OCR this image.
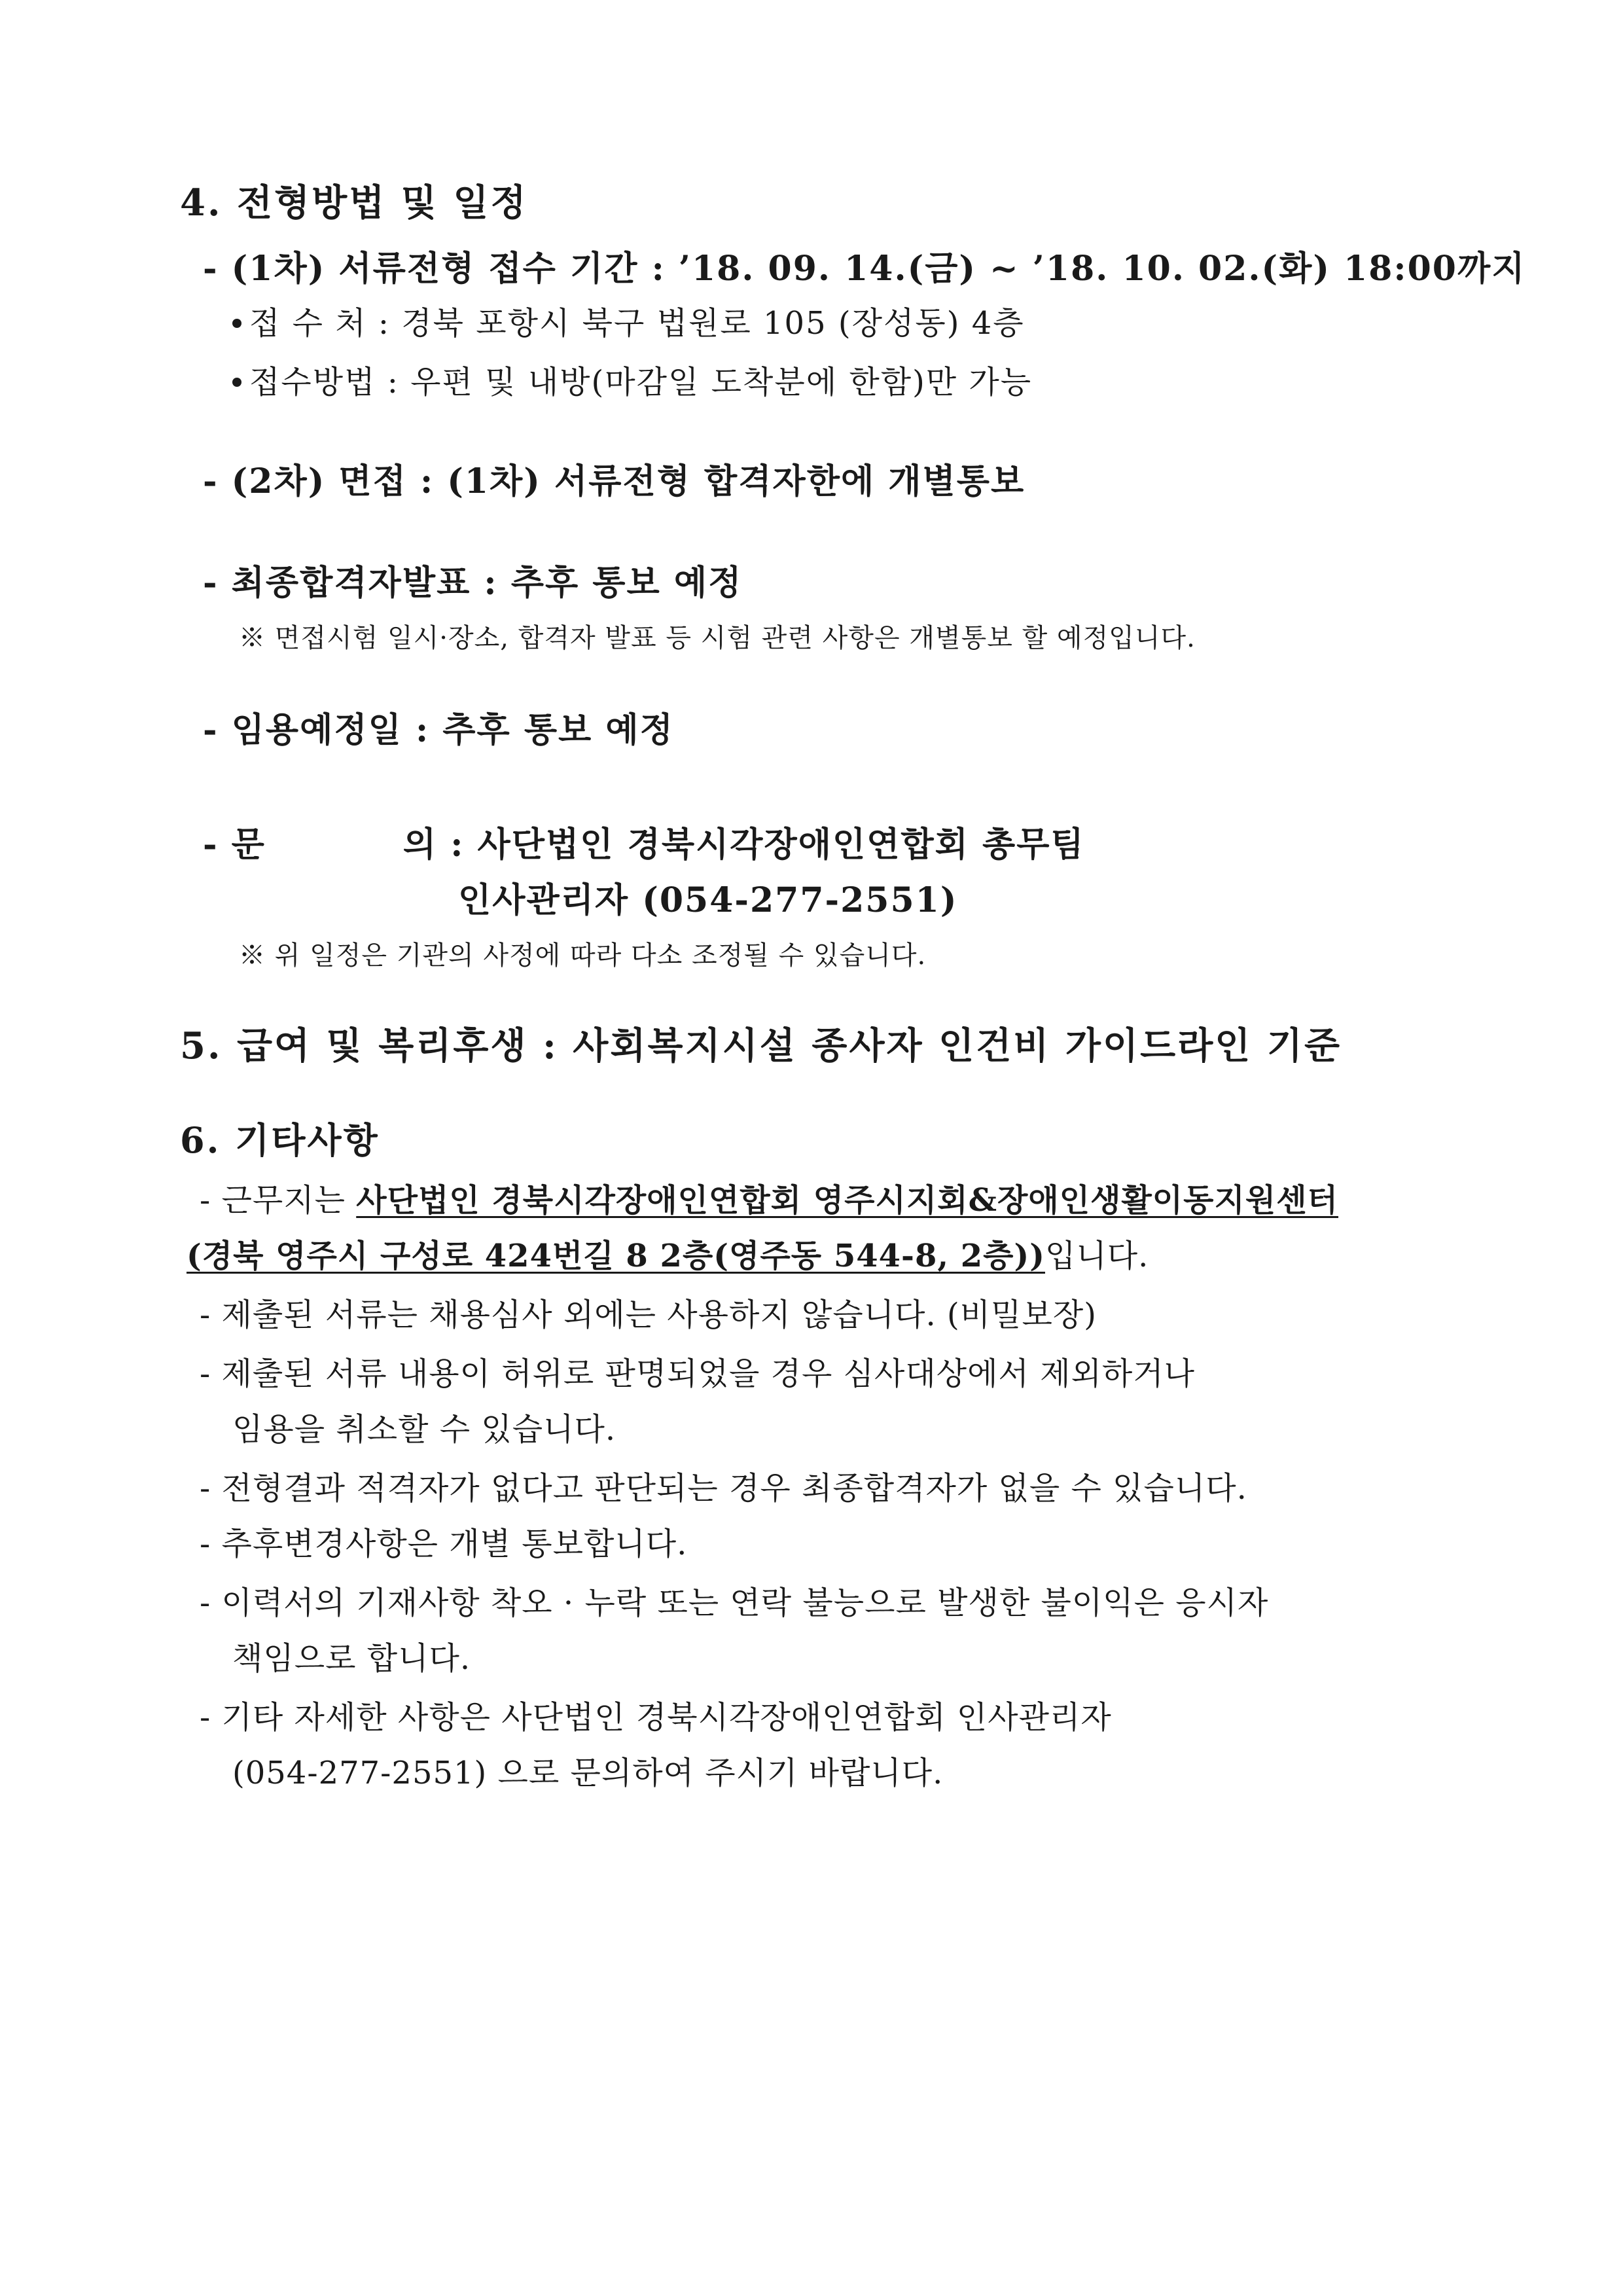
4. 전형방법 및 일정
- (1차) 서류전형 접수 기간 : ’18. 09. 14.(금) ~ ’18. 10. 02.(화) 18:00까지
접 수 처 : 경북 포항시 북구 법원로 105 (장성동) 4층
접수방법 : 우편 및 내방(마감일 도착분에 한함)만 가능
- (2차) 면접 : (1차) 서류전형 합격자한에 개별통보
- 최종합격자발표 : 추후 통보 예정
※ 면접시험 일시·장소, 합격자 발표 등 시험 관련 사항은 개별통보 할 예정입니다.
- 임용예정일 : 추후 통보 예정
- 문	의 : 사단법인 경북시각장애인연합회 총무팀
인사관리자 (054-277-2551)
※ 위 일정은 기관의 사정에 따라 다소 조정될 수 있습니다.
5. 급여 및 복리후생 : 사회복지시설 종사자 인건비 가이드라인 기준
6. 기타사항
- 근무지는 사단법인 경북시각장애인연합회 영주시지회&장애인생활이동지원센터
(경북 영주시 구성로 424번길 8 2층(영주동 544-8, 2층))입니다.
- 제출된 서류는 채용심사 외에는 사용하지 않습니다. (비밀보장)
- 제출된 서류 내용이 허위로 판명되었을 경우 심사대상에서 제외하거나
임용을 취소할 수 있습니다.
- 전형결과 적격자가 없다고 판단되는 경우 최종합격자가 없을 수 있습니다.
- 추후변경사항은 개별 통보합니다.
- 이력서의 기재사항 착오 · 누락 또는 연락 불능으로 발생한 불이익은 응시자
책임으로 합니다.
- 기타 자세한 사항은 사단법인 경북시각장애인연합회 인사관리자
(054-277-2551) 으로 문의하여 주시기 바랍니다.
